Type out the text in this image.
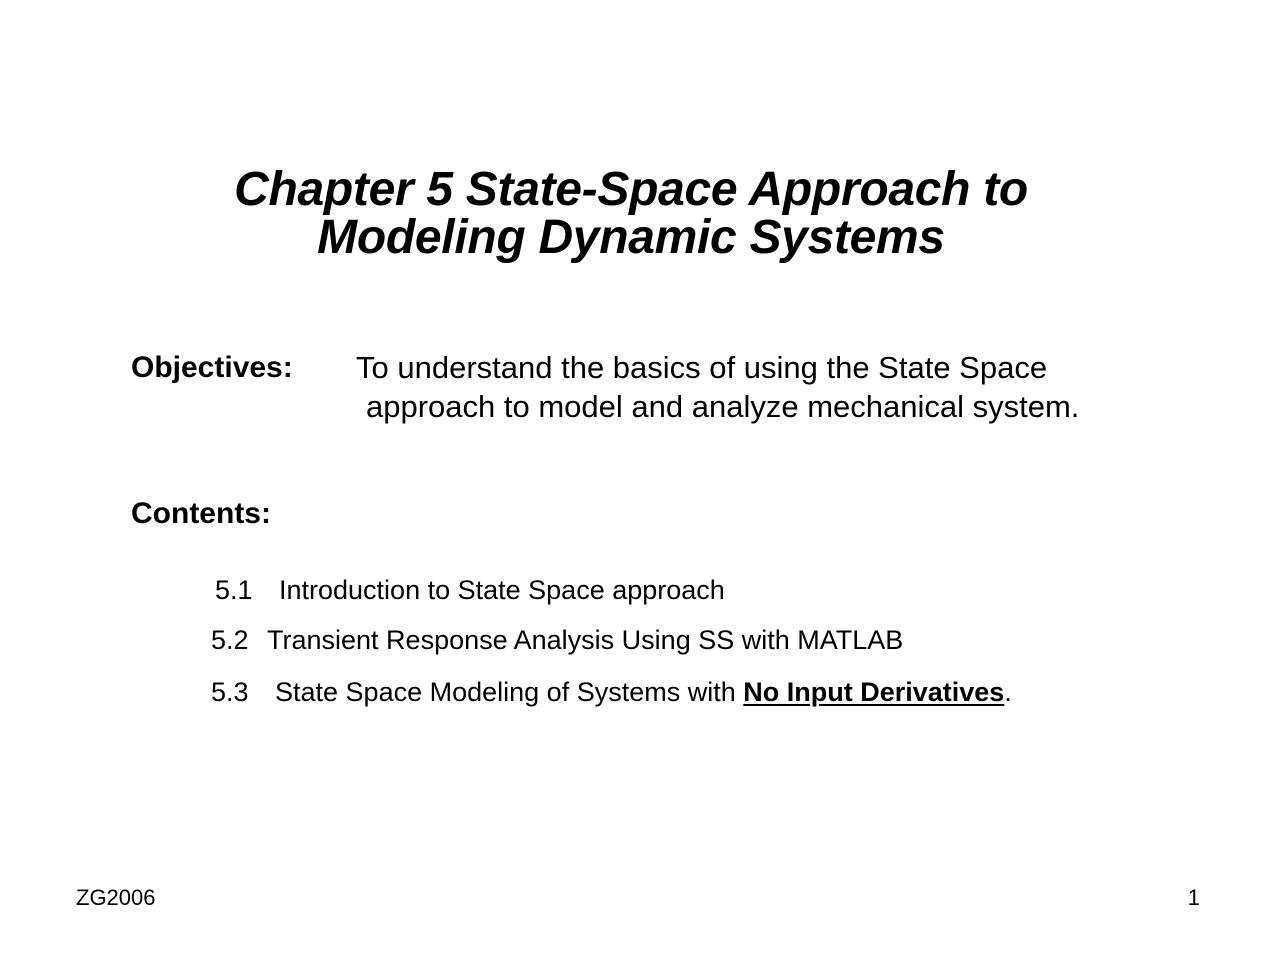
Chapter 5 State-Space Approach to
Modeling Dynamic Systems
Objectives: To understand the basics of using the State Space
approach to model and analyze mechanical system.
Contents:
5.1 Introduction to State Space approach
5.2 Transient Response Analysis Using SS with MATLAB
5.3 State Space Modeling of Systems with No Input Derivatives.
ZG2006	1
